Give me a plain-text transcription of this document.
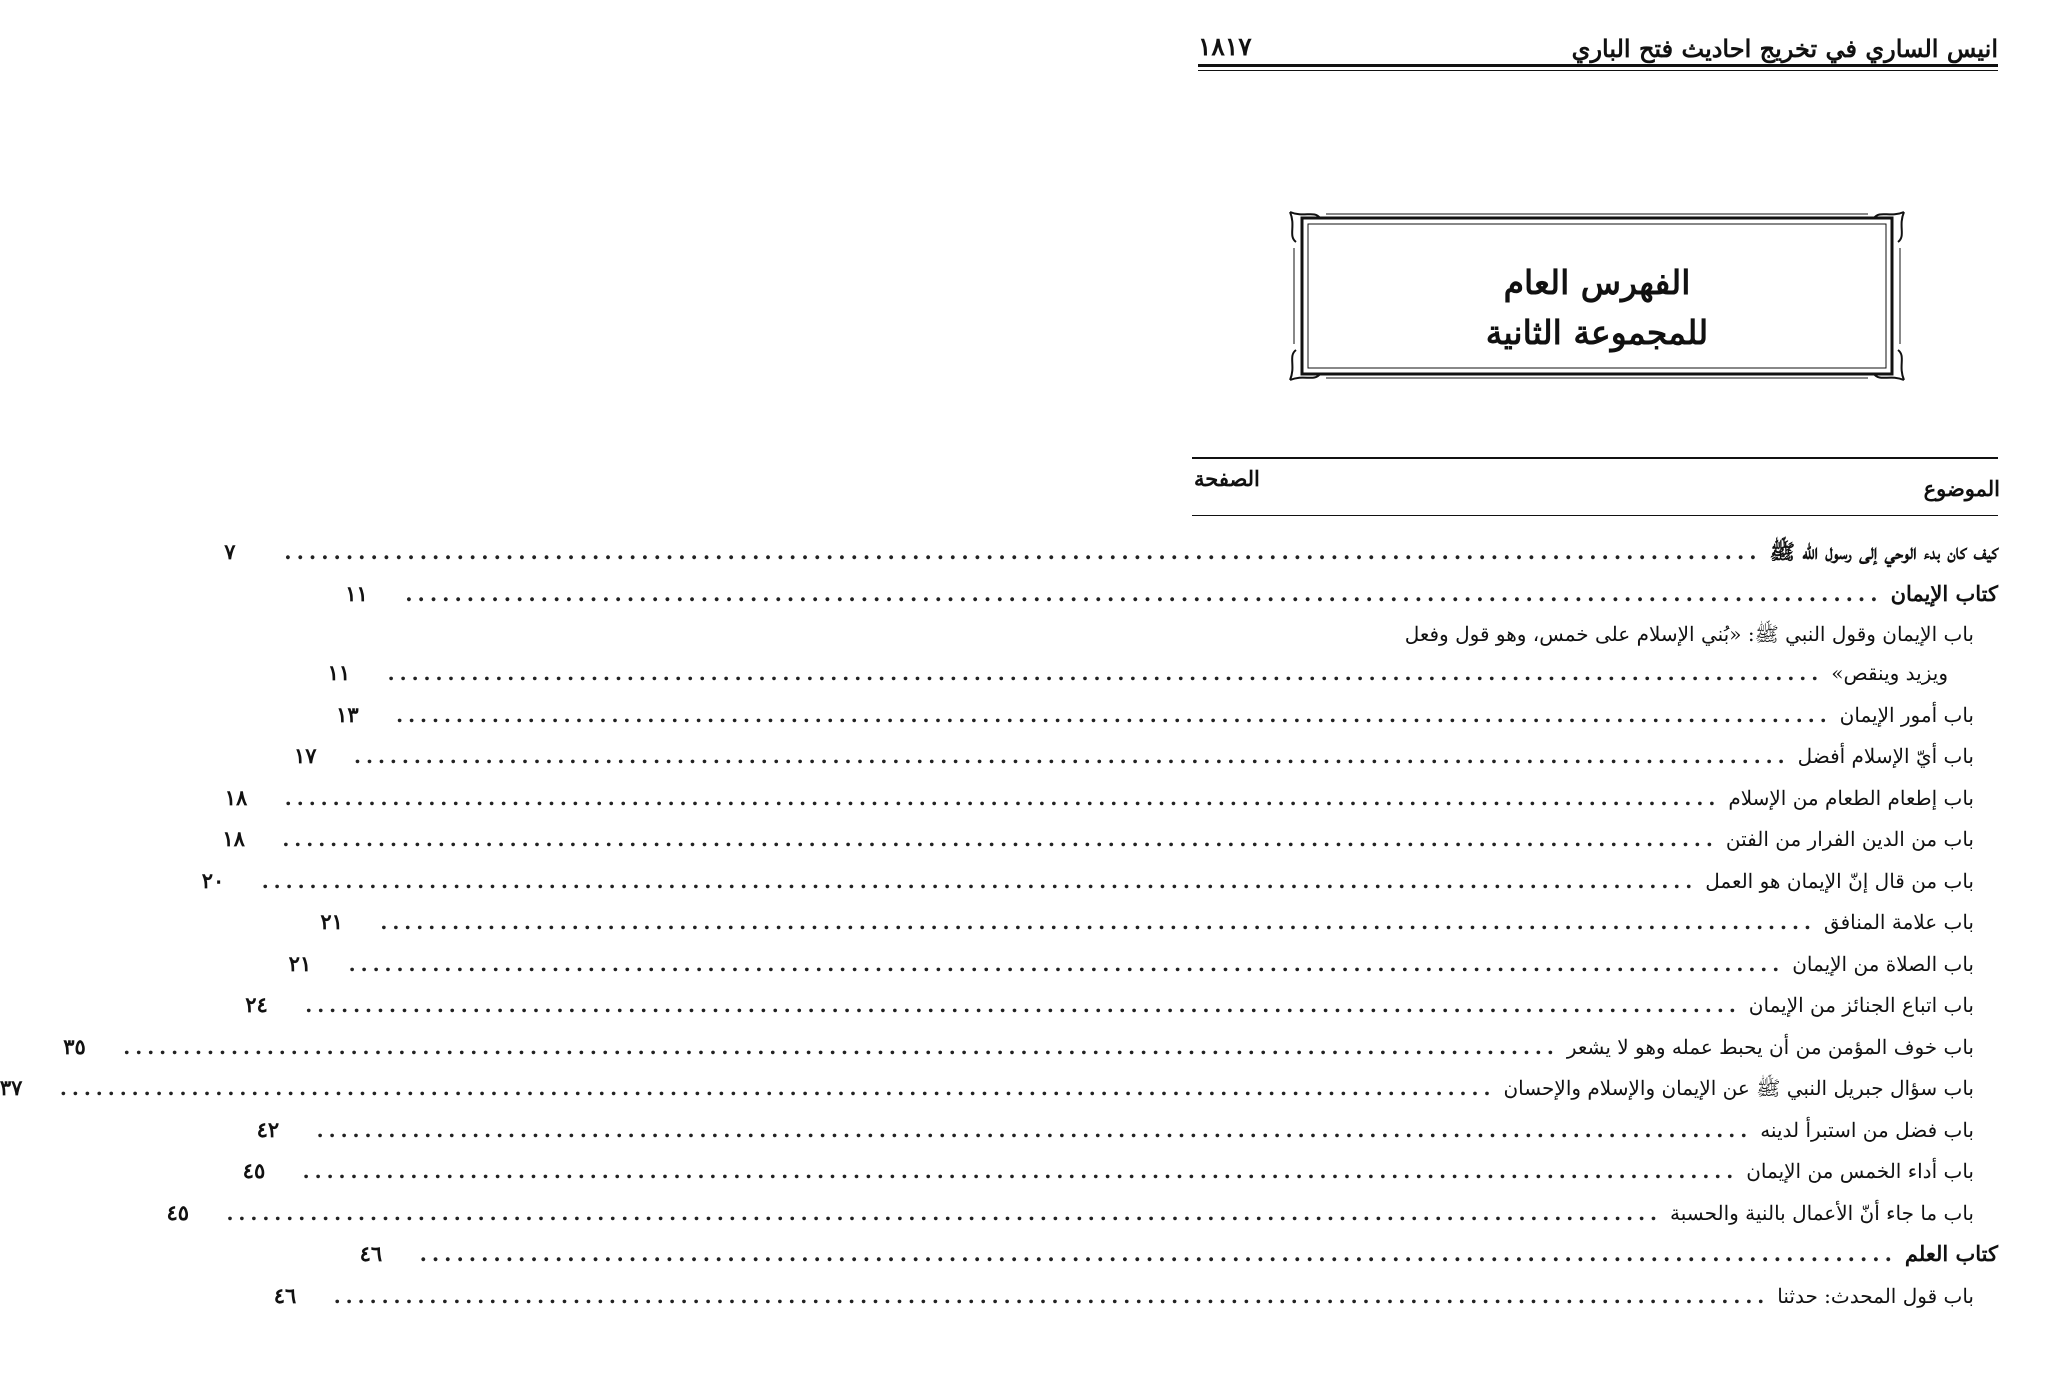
انيس الساري في تخريج احاديث فتح الباري
١٨١٧
الفهرس العام
للمجموعة الثانية
الموضوع
الصفحة
كيف كان بدء الوحي إلى رسول الله ﷺ
........................................................................................................................
٧
كتاب الإيمان
........................................................................................................................
١١
باب الإيمان وقول النبي ﷺ: «بُني الإسلام على خمس، وهو قول وفعل
ويزيد وينقص»
........................................................................................................................
١١
باب أمور الإيمان
........................................................................................................................
١٣
باب أيّ الإسلام أفضل
........................................................................................................................
١٧
باب إطعام الطعام من الإسلام
........................................................................................................................
١٨
باب من الدين الفرار من الفتن
........................................................................................................................
١٨
باب من قال إنّ الإيمان هو العمل
........................................................................................................................
٢٠
باب علامة المنافق
........................................................................................................................
٢١
باب الصلاة من الإيمان
........................................................................................................................
٢١
باب اتباع الجنائز من الإيمان
........................................................................................................................
٢٤
باب خوف المؤمن من أن يحبط عمله وهو لا يشعر
........................................................................................................................
٣٥
باب سؤال جبريل النبي ﷺ عن الإيمان والإسلام والإحسان
........................................................................................................................
٣٧
باب فضل من استبرأ لدينه
........................................................................................................................
٤٢
باب أداء الخمس من الإيمان
........................................................................................................................
٤٥
باب ما جاء أنّ الأعمال بالنية والحسبة
........................................................................................................................
٤٥
كتاب العلم
........................................................................................................................
٤٦
باب قول المحدث: حدثنا
........................................................................................................................
٤٦
